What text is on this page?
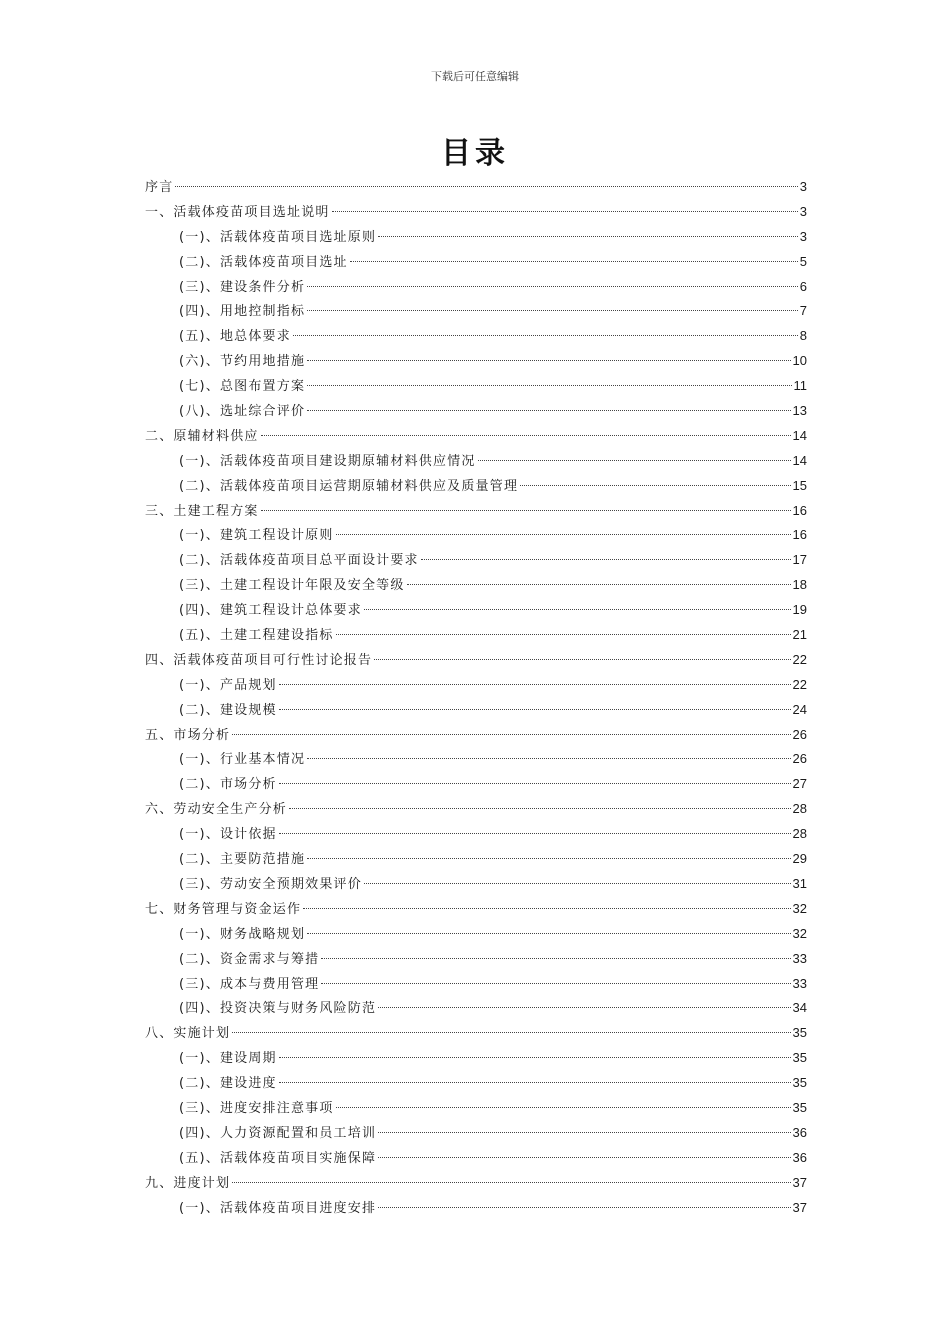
下载后可任意编辑
目录
序言	3
一、活载体疫苗项目选址说明	3
(一)、活载体疫苗项目选址原则	3
(二)、活载体疫苗项目选址	5
(三)、建设条件分析	6
(四)、用地控制指标	7
(五)、地总体要求	8
(六)、节约用地措施	10
(七)、总图布置方案	11
(八)、选址综合评价	13
二、原辅材料供应	14
(一)、活载体疫苗项目建设期原辅材料供应情况	14
(二)、活载体疫苗项目运营期原辅材料供应及质量管理	15
三、土建工程方案	16
(一)、建筑工程设计原则	16
(二)、活载体疫苗项目总平面设计要求	17
(三)、土建工程设计年限及安全等级	18
(四)、建筑工程设计总体要求	19
(五)、土建工程建设指标	21
四、活载体疫苗项目可行性讨论报告	22
(一)、产品规划	22
(二)、建设规模	24
五、市场分析	26
(一)、行业基本情况	26
(二)、市场分析	27
六、劳动安全生产分析	28
(一)、设计依据	28
(二)、主要防范措施	29
(三)、劳动安全预期效果评价	31
七、财务管理与资金运作	32
(一)、财务战略规划	32
(二)、资金需求与筹措	33
(三)、成本与费用管理	33
(四)、投资决策与财务风险防范	34
八、实施计划	35
(一)、建设周期	35
(二)、建设进度	35
(三)、进度安排注意事项	35
(四)、人力资源配置和员工培训	36
(五)、活载体疫苗项目实施保障	36
九、进度计划	37
(一)、活载体疫苗项目进度安排	37
